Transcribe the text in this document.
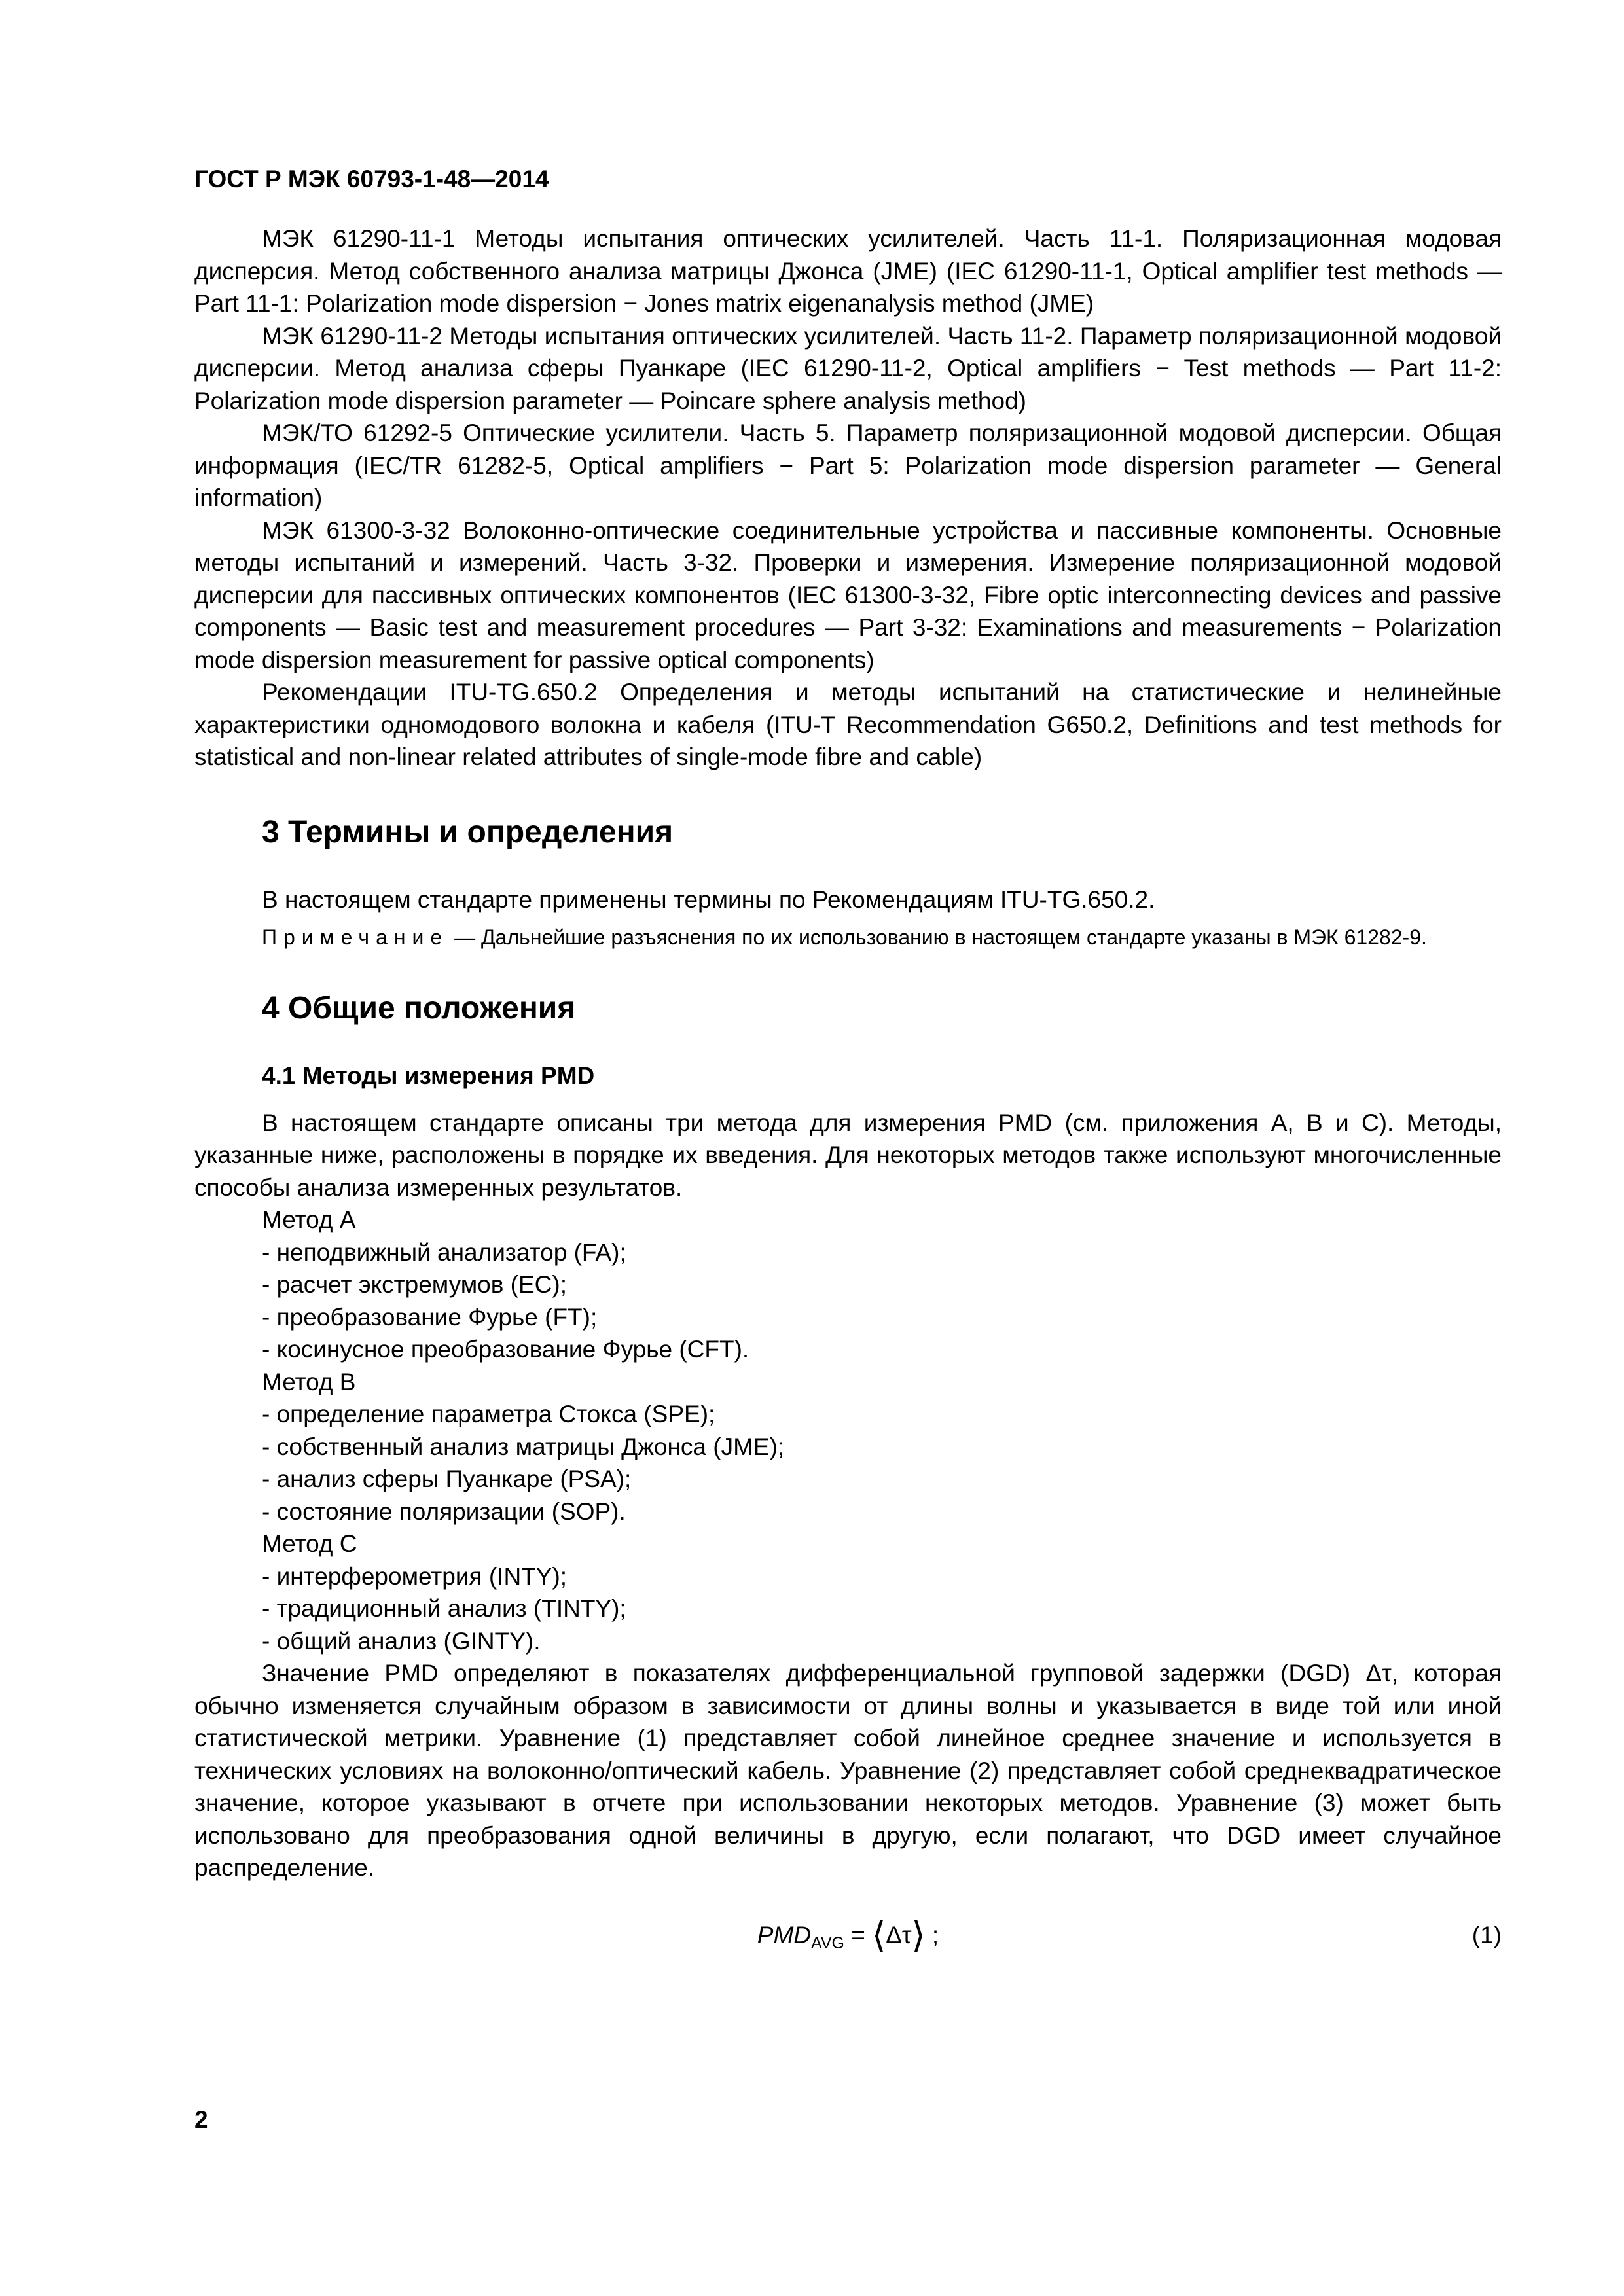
ГОСТ Р МЭК 60793-1-48—2014

МЭК 61290-11-1 Методы испытания оптических усилителей. Часть 11-1. Поляризационная модовая дисперсия. Метод собственного анализа матрицы Джонса (JME) (IEC 61290-11-1, Optical amplifier test methods — Part 11-1: Polarization mode dispersion − Jones matrix eigenanalysis method (JME)

МЭК 61290-11-2 Методы испытания оптических усилителей. Часть 11-2. Параметр поляризационной модовой дисперсии. Метод анализа сферы Пуанкаре (IEC 61290-11-2, Optical amplifiers − Test methods — Part 11-2: Polarization mode dispersion parameter — Poincare sphere analysis method)

МЭК/ТО 61292-5 Оптические усилители. Часть 5. Параметр поляризационной модовой дисперсии. Общая информация (IEC/TR 61282-5, Optical amplifiers − Part 5: Polarization mode dispersion parameter — General information)

МЭК 61300-3-32 Волоконно-оптические соединительные устройства и пассивные компоненты. Основные методы испытаний и измерений. Часть 3-32. Проверки и измерения. Измерение поляризационной модовой дисперсии для пассивных оптических компонентов (IEC 61300-3-32, Fibre optic interconnecting devices and passive components — Basic test and measurement procedures — Part 3-32: Examinations and measurements − Polarization mode dispersion measurement for passive optical components)

Рекомендации ITU-TG.650.2 Определения и методы испытаний на статистические и нелинейные характеристики одномодового волокна и кабеля (ITU-T Recommendation G650.2, Definitions and test methods for statistical and non-linear related attributes of single-mode fibre and cable)

3 Термины и определения

В настоящем стандарте применены термины по Рекомендациям ITU-TG.650.2.

Примечание — Дальнейшие разъяснения по их использованию в настоящем стандарте указаны в МЭК 61282-9.

4 Общие положения
4.1 Методы измерения PMD

В настоящем стандарте описаны три метода для измерения PMD (см. приложения А, В и С). Методы, указанные ниже, расположены в порядке их введения. Для некоторых методов также используют многочисленные способы анализа измеренных результатов.

Метод А

- неподвижный анализатор (FA);

- расчет экстремумов (ЕС);

- преобразование Фурье (FT);

- косинусное преобразование Фурье (CFT).

Метод В

- определение параметра Стокса (SPE);

- собственный анализ матрицы Джонса (JME);

- анализ сферы Пуанкаре (PSA);

- состояние поляризации (SOP).

Метод С

- интерферометрия (INTY);

- традиционный анализ (TINTY);

- общий анализ (GINTY).

Значение PMD определяют в показателях дифференциальной групповой задержки (DGD) Δτ, которая обычно изменяется случайным образом в зависимости от длины волны и указывается в виде той или иной статистической метрики. Уравнение (1) представляет собой линейное среднее значение и используется в технических условиях на волоконно/оптический кабель. Уравнение (2) представляет собой среднеквадратическое значение, которое указывают в отчете при использовании некоторых методов. Уравнение (3) может быть использовано для преобразования одной величины в другую, если полагают, что DGD имеет случайное распределение.

$PMD_{AVG}$ = ⟨Δτ⟩ ;	(1)
2
